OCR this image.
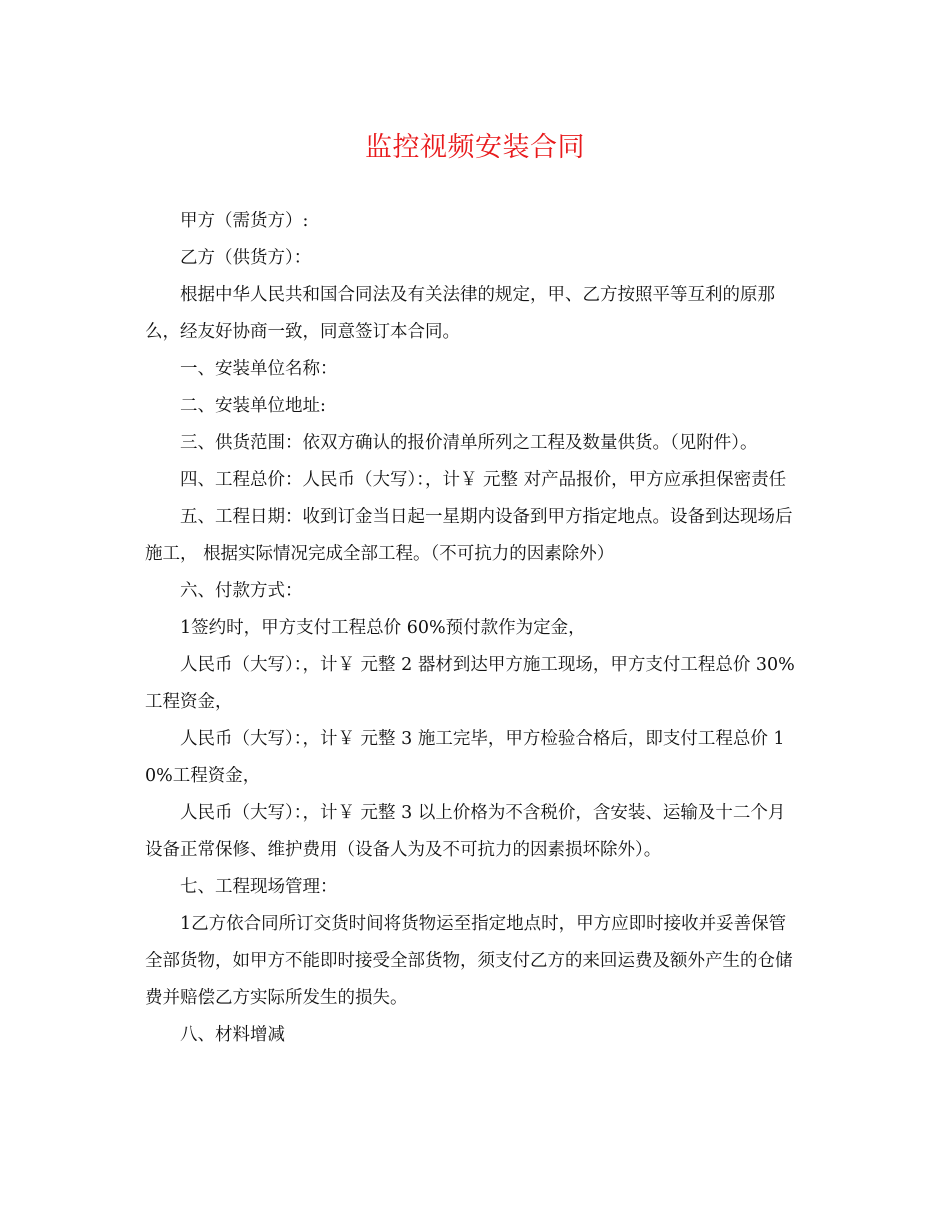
监控视频安装合同

甲方（需货方）:

乙方（供货方）：

根据中华人民共和国合同法及有关法律的规定，甲、乙方按照平等互利的原那么，经友好协商一致，同意签订本合同。

一、安装单位名称：

二、安装单位地址:

三、供货范围：依双方确认的报价清单所列之工程及数量供货。（见附件）。

四、工程总价：人民币（大写）：，计￥ 元整 对产品报价，甲方应承担保密责任

五、工程日期：收到订金当日起一星期内设备到甲方指定地点。设备到达现场后施工， 根据实际情况完成全部工程。（不可抗力的因素除外）

六、付款方式：

1签约时，甲方支付工程总价 60%预付款作为定金，

人民币（大写）：，计￥ 元整 2 器材到达甲方施工现场，甲方支付工程总价 30%工程资金，

人民币（大写）：，计￥ 元整 3 施工完毕，甲方检验合格后，即支付工程总价 10%工程资金，

人民币（大写）：，计￥ 元整 3 以上价格为不含税价，含安装、运输及十二个月设备正常保修、维护费用（设备人为及不可抗力的因素损坏除外）。

七、工程现场管理：

1乙方依合同所订交货时间将货物运至指定地点时，甲方应即时接收并妥善保管全部货物，如甲方不能即时接受全部货物，须支付乙方的来回运费及额外产生的仓储费并赔偿乙方实际所发生的损失。

八、材料增减
